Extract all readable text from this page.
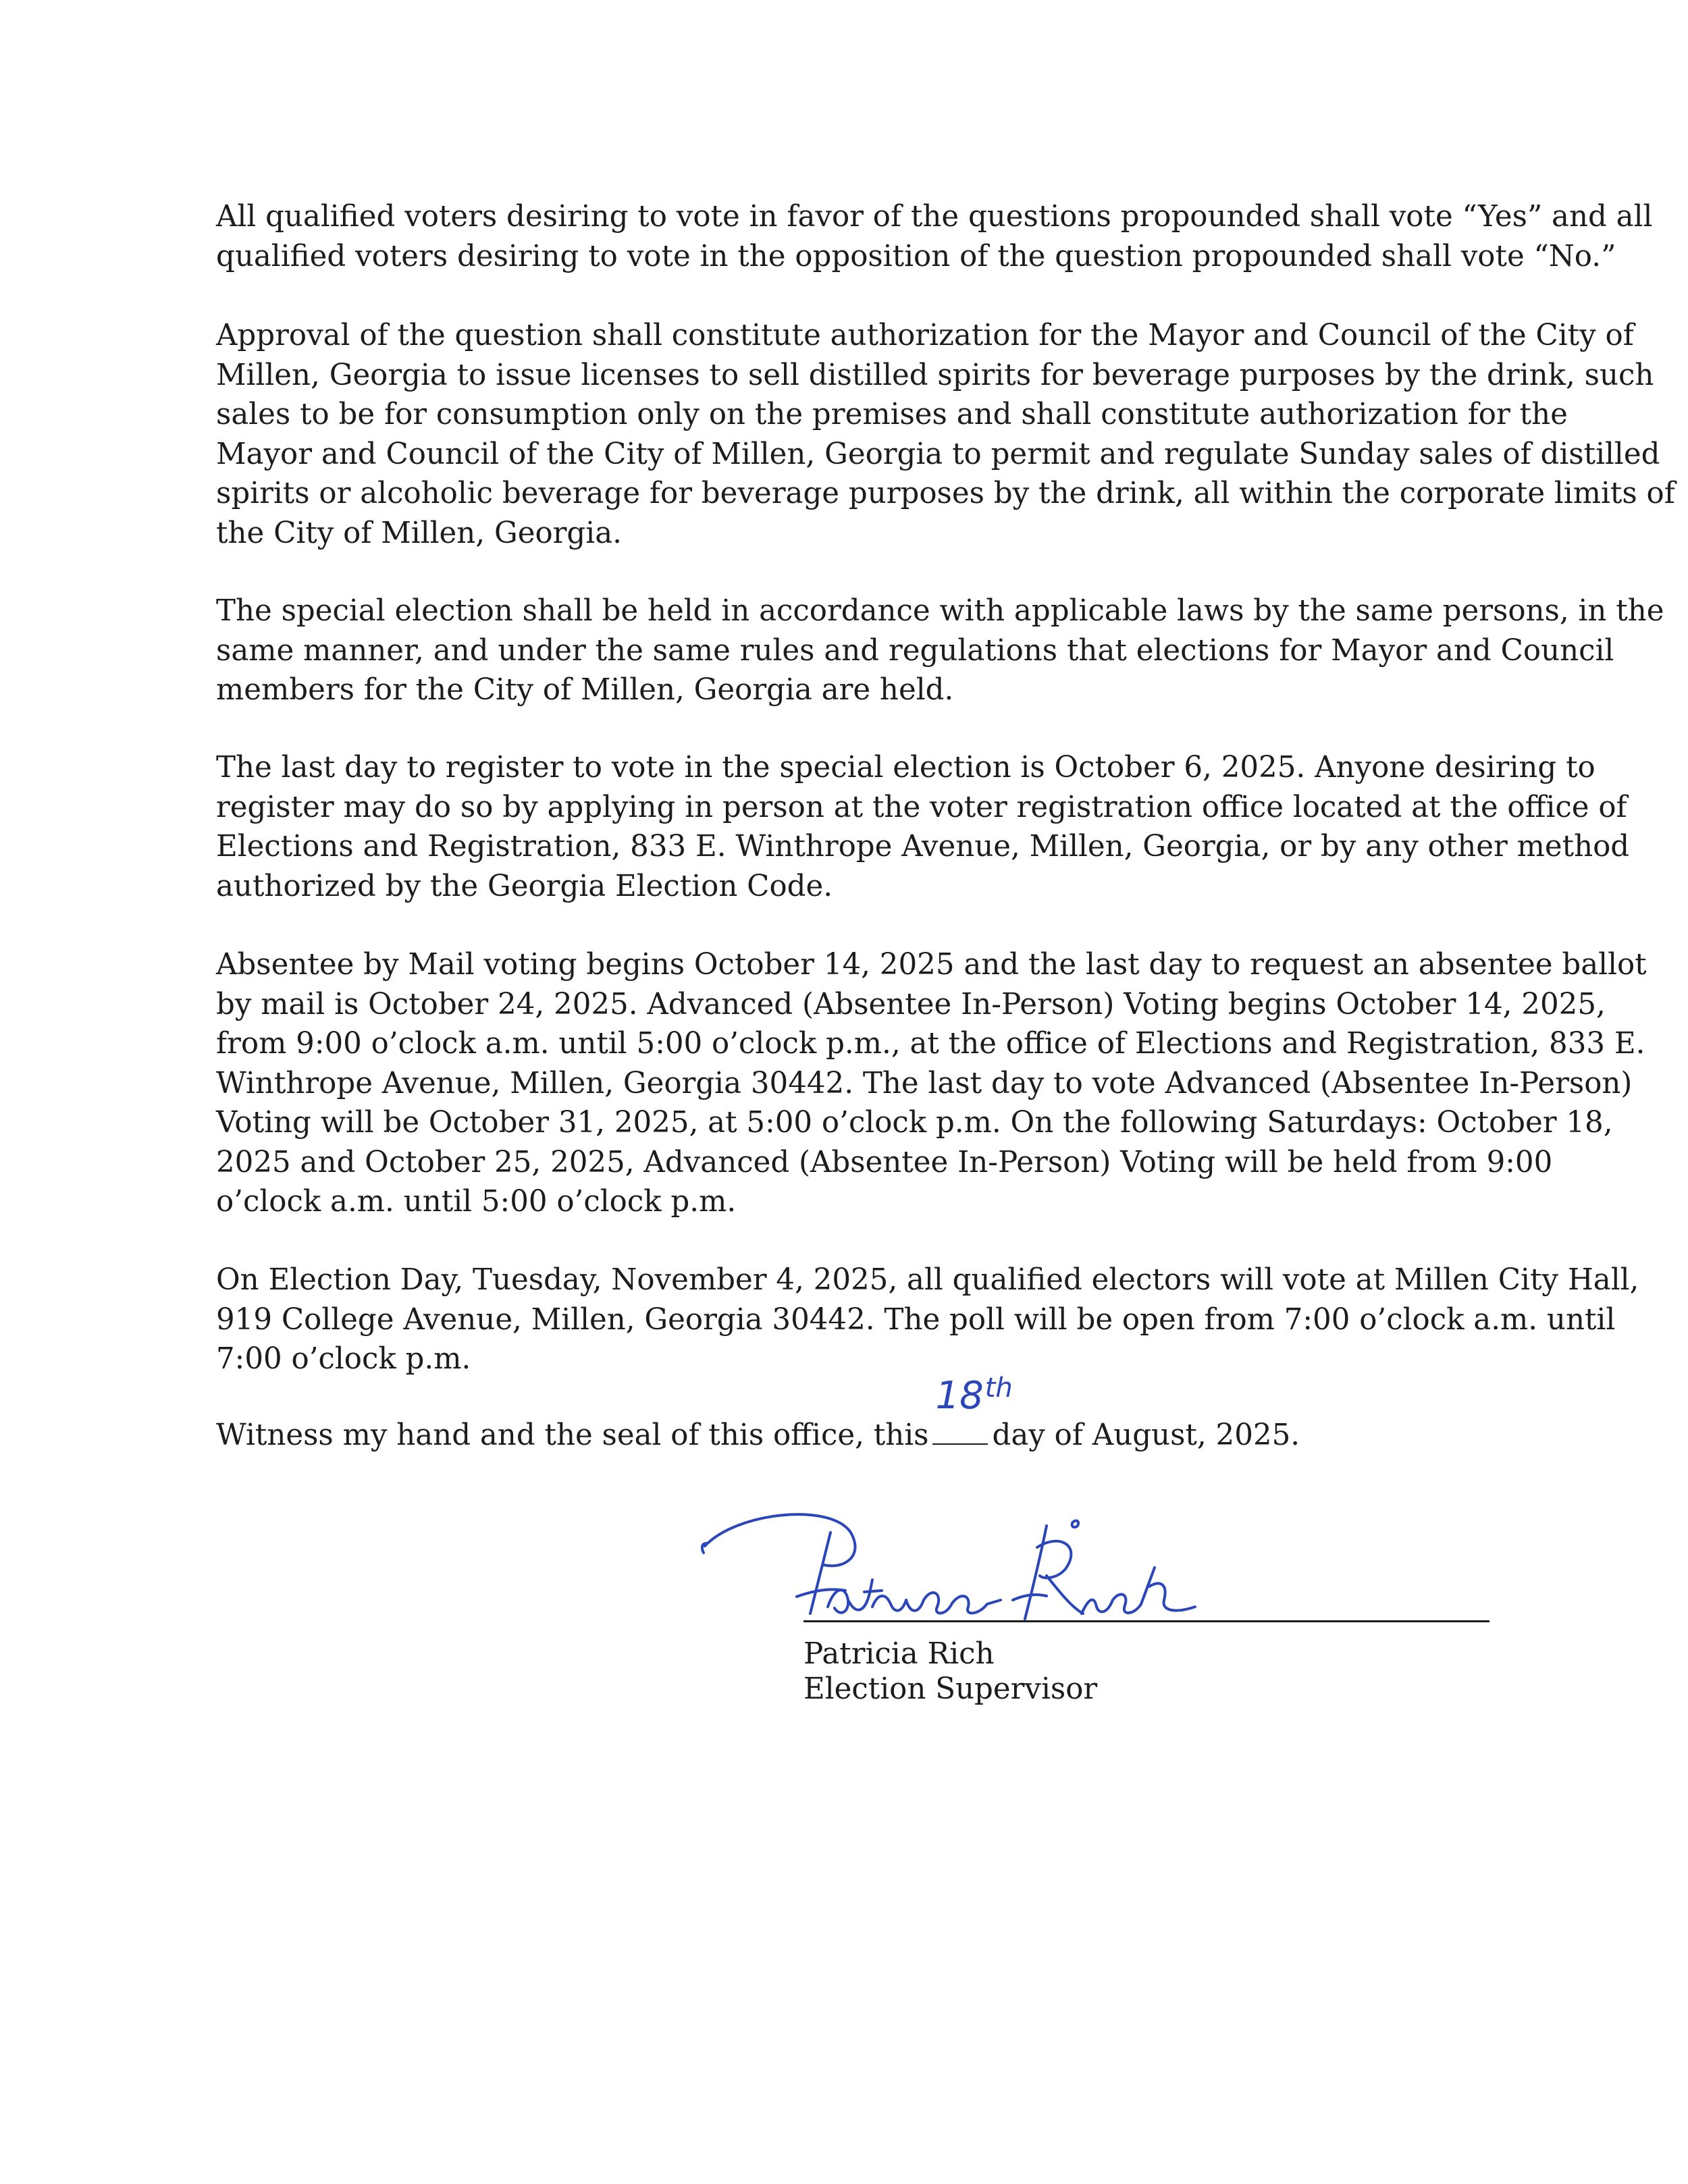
All qualified voters desiring to vote in favor of the questions propounded shall vote “Yes” and all
qualified voters desiring to vote in the opposition of the question propounded shall vote “No.”

Approval of the question shall constitute authorization for the Mayor and Council of the City of
Millen, Georgia to issue licenses to sell distilled spirits for beverage purposes by the drink, such
sales to be for consumption only on the premises and shall constitute authorization for the
Mayor and Council of the City of Millen, Georgia to permit and regulate Sunday sales of distilled
spirits or alcoholic beverage for beverage purposes by the drink, all within the corporate limits of
the City of Millen, Georgia.

The special election shall be held in accordance with applicable laws by the same persons, in the
same manner, and under the same rules and regulations that elections for Mayor and Council
members for the City of Millen, Georgia are held.

The last day to register to vote in the special election is October 6, 2025. Anyone desiring to
register may do so by applying in person at the voter registration office located at the office of
Elections and Registration, 833 E. Winthrope Avenue, Millen, Georgia, or by any other method
authorized by the Georgia Election Code.

Absentee by Mail voting begins October 14, 2025 and the last day to request an absentee ballot
by mail is October 24, 2025. Advanced (Absentee In-Person) Voting begins October 14, 2025,
from 9:00 o’clock a.m. until 5:00 o’clock p.m., at the office of Elections and Registration, 833 E.
Winthrope Avenue, Millen, Georgia 30442. The last day to vote Advanced (Absentee In-Person)
Voting will be October 31, 2025, at 5:00 o’clock p.m. On the following Saturdays: October 18,
2025 and October 25, 2025, Advanced (Absentee In-Person) Voting will be held from 9:00
o’clock a.m. until 5:00 o’clock p.m.

On Election Day, Tuesday, November 4, 2025, all qualified electors will vote at Millen City Hall,
919 College Avenue, Millen, Georgia 30442. The poll will be open from 7:00 o’clock a.m. until
7:00 o’clock p.m.

Witness my hand and the seal of this office, this
18th
day of August, 2025.

Patricia Rich
Election Supervisor
